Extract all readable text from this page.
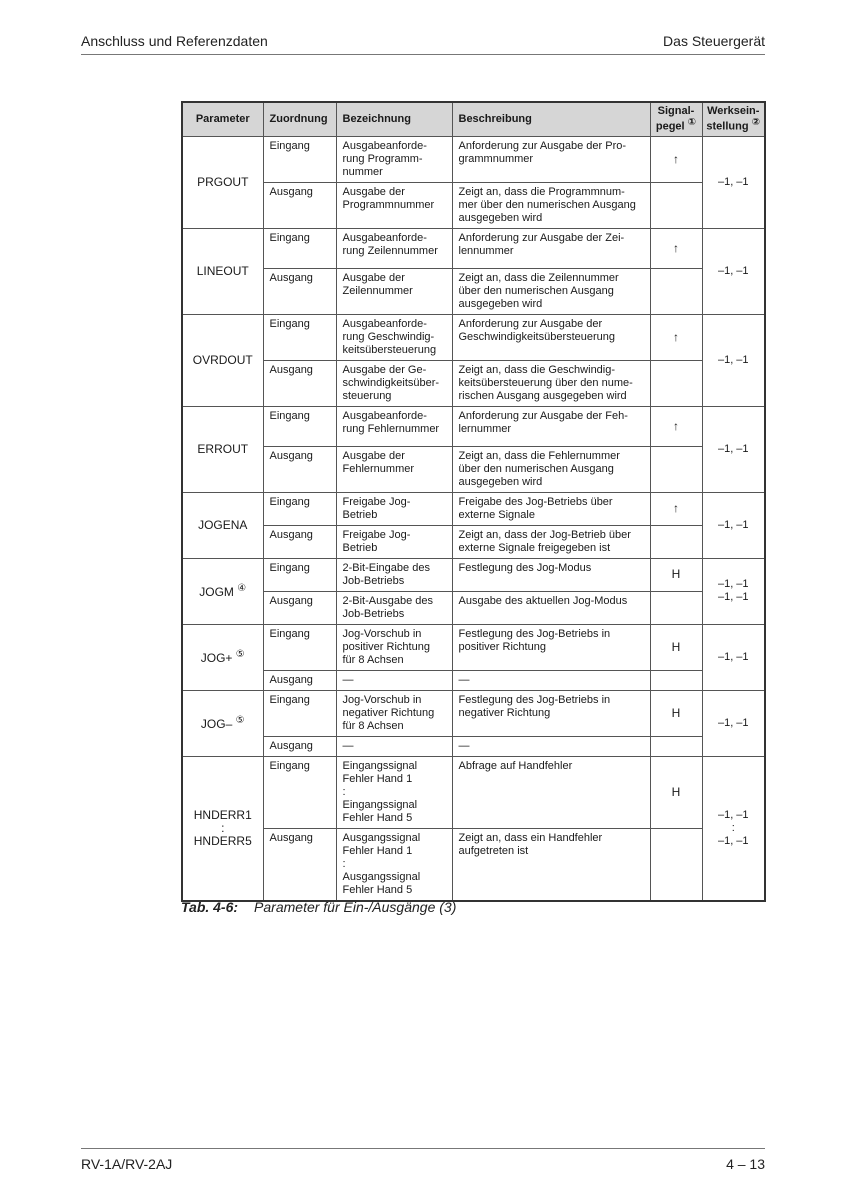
Anschluss und Referenzdaten	Das Steuergerät
Parameter	Zuordnung	Bezeichnung	Beschreibung	Signal-
pegel ①	Werksein-
stellung ②
PRGOUT	Eingang	Ausgabeanforde-
rung Programm-
nummer	Anforderung zur Ausgabe der Pro-
grammnummer	↑	–1, –1
	Ausgang	Ausgabe der
Programmnummer	Zeigt an, dass die Programmnum-
mer über den numerischen Ausgang
ausgegeben wird		
LINEOUT	Eingang	Ausgabeanforde-
rung Zeilennummer	Anforderung zur Ausgabe der Zei-
lennummer	↑	–1, –1
	Ausgang	Ausgabe der
Zeilennummer	Zeigt an, dass die Zeilennummer
über den numerischen Ausgang
ausgegeben wird		
OVRDOUT	Eingang	Ausgabeanforde-
rung Geschwindig-
keitsübersteuerung	Anforderung zur Ausgabe der
Geschwindigkeitsübersteuerung	↑	–1, –1
	Ausgang	Ausgabe der Ge-
schwindigkeitsüber-
steuerung	Zeigt an, dass die Geschwindig-
keitsübersteuerung über den nume-
rischen Ausgang ausgegeben wird		
ERROUT	Eingang	Ausgabeanforde-
rung Fehlernummer	Anforderung zur Ausgabe der Feh-
lernummer	↑	–1, –1
	Ausgang	Ausgabe der
Fehlernummer	Zeigt an, dass die Fehlernummer
über den numerischen Ausgang
ausgegeben wird		
JOGENA	Eingang	Freigabe Jog-
Betrieb	Freigabe des Jog-Betriebs über
externe Signale	↑	–1, –1
	Ausgang	Freigabe Jog-
Betrieb	Zeigt an, dass der Jog-Betrieb über
externe Signale freigegeben ist		
JOGM ④	Eingang	2-Bit-Eingabe des
Job-Betriebs	Festlegung des Jog-Modus	H	–1, –1
–1, –1
	Ausgang	2-Bit-Ausgabe des
Job-Betriebs	Ausgabe des aktuellen Jog-Modus		
JOG+ ⑤	Eingang	Jog-Vorschub in
positiver Richtung
für 8 Achsen	Festlegung des Jog-Betriebs in
positiver Richtung	H	–1, –1
	Ausgang	—	—		
JOG– ⑤	Eingang	Jog-Vorschub in
negativer Richtung
für 8 Achsen	Festlegung des Jog-Betriebs in
negativer Richtung	H	–1, –1
	Ausgang	—	—		
HNDERR1
:
HNDERR5	Eingang	Eingangssignal
Fehler Hand 1
:
Eingangssignal
Fehler Hand 5	Abfrage auf Handfehler	H	–1, –1
:
–1, –1
	Ausgang	Ausgangssignal
Fehler Hand 1
:
Ausgangssignal
Fehler Hand 5	Zeigt an, dass ein Handfehler
aufgetreten ist		
Tab. 4-6: Parameter für Ein-/Ausgänge (3)
RV-1A/RV-2AJ	4 – 13
